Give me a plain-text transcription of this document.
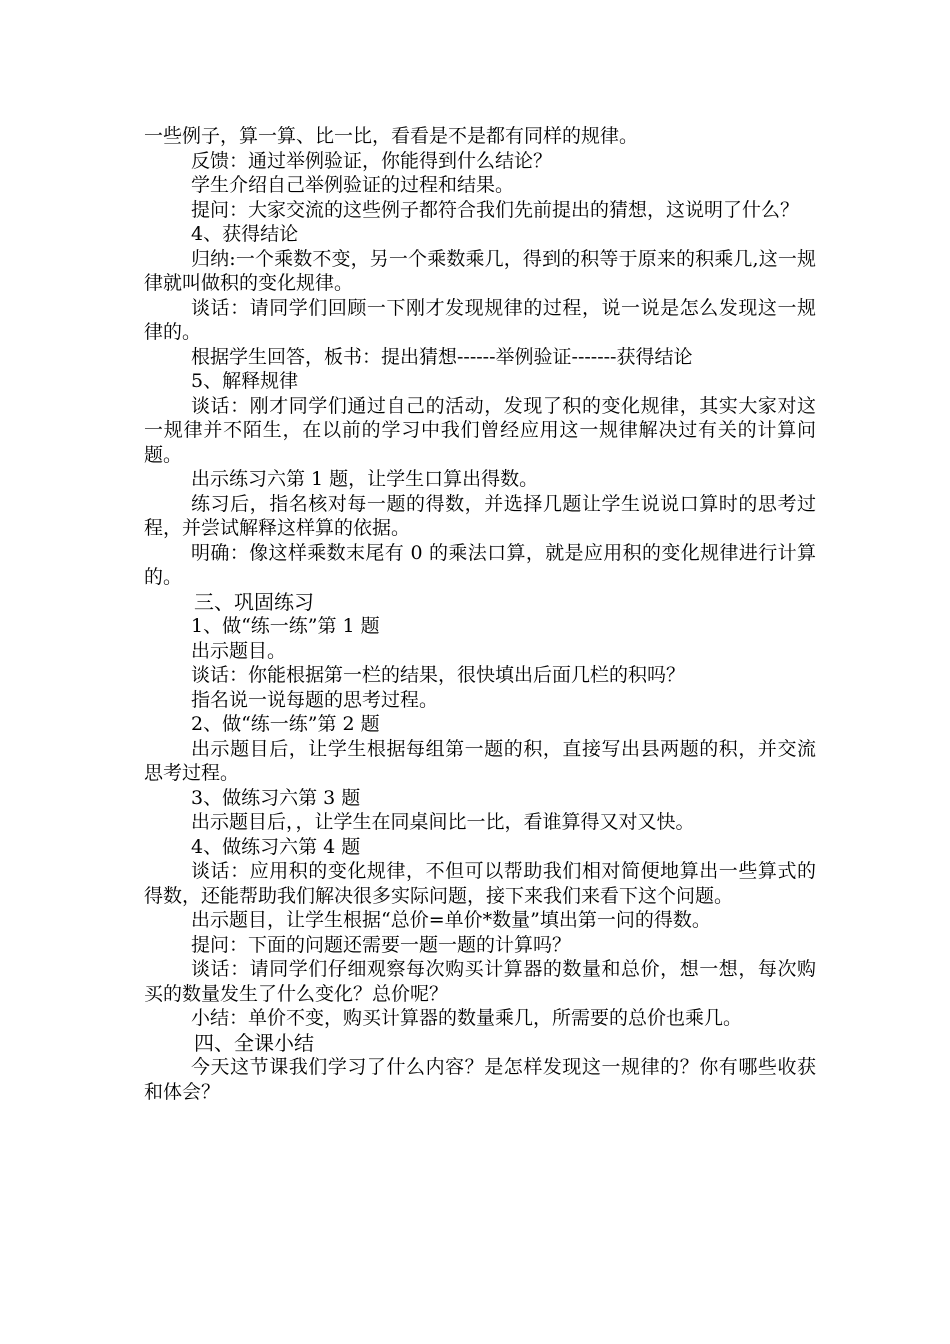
一些例子，算一算、比一比，看看是不是都有同样的规律。

反馈：通过举例验证，你能得到什么结论？

学生介绍自己举例验证的过程和结果。

提问：大家交流的这些例子都符合我们先前提出的猜想，这说明了什么？

4、获得结论

归纳:一个乘数不变，另一个乘数乘几，得到的积等于原来的积乘几,这一规律就叫做积的变化规律。

谈话：请同学们回顾一下刚才发现规律的过程，说一说是怎么发现这一规律的。

根据学生回答，板书：提出猜想------举例验证-------获得结论

5、解释规律

谈话：刚才同学们通过自己的活动，发现了积的变化规律，其实大家对这一规律并不陌生，在以前的学习中我们曾经应用这一规律解决过有关的计算问题。

出示练习六第 1 题，让学生口算出得数。

练习后，指名核对每一题的得数，并选择几题让学生说说口算时的思考过程，并尝试解释这样算的依据。

明确：像这样乘数末尾有 0 的乘法口算，就是应用积的变化规律进行计算的。

三、巩固练习

1、做“练一练”第 1 题

出示题目。

谈话：你能根据第一栏的结果，很快填出后面几栏的积吗？

指名说一说每题的思考过程。

2、做“练一练”第 2 题

出示题目后，让学生根据每组第一题的积，直接写出县两题的积，并交流思考过程。

3、做练习六第 3 题

出示题目后，，让学生在同桌间比一比，看谁算得又对又快。

4、做练习六第 4 题

谈话：应用积的变化规律，不但可以帮助我们相对简便地算出一些算式的得数，还能帮助我们解决很多实际问题，接下来我们来看下这个问题。

出示题目，让学生根据“总价=单价*数量”填出第一问的得数。

提问：下面的问题还需要一题一题的计算吗？

谈话：请同学们仔细观察每次购买计算器的数量和总价，想一想，每次购买的数量发生了什么变化？总价呢？

小结：单价不变，购买计算器的数量乘几，所需要的总价也乘几。

四、全课小结

今天这节课我们学习了什么内容？是怎样发现这一规律的？你有哪些收获和体会？
